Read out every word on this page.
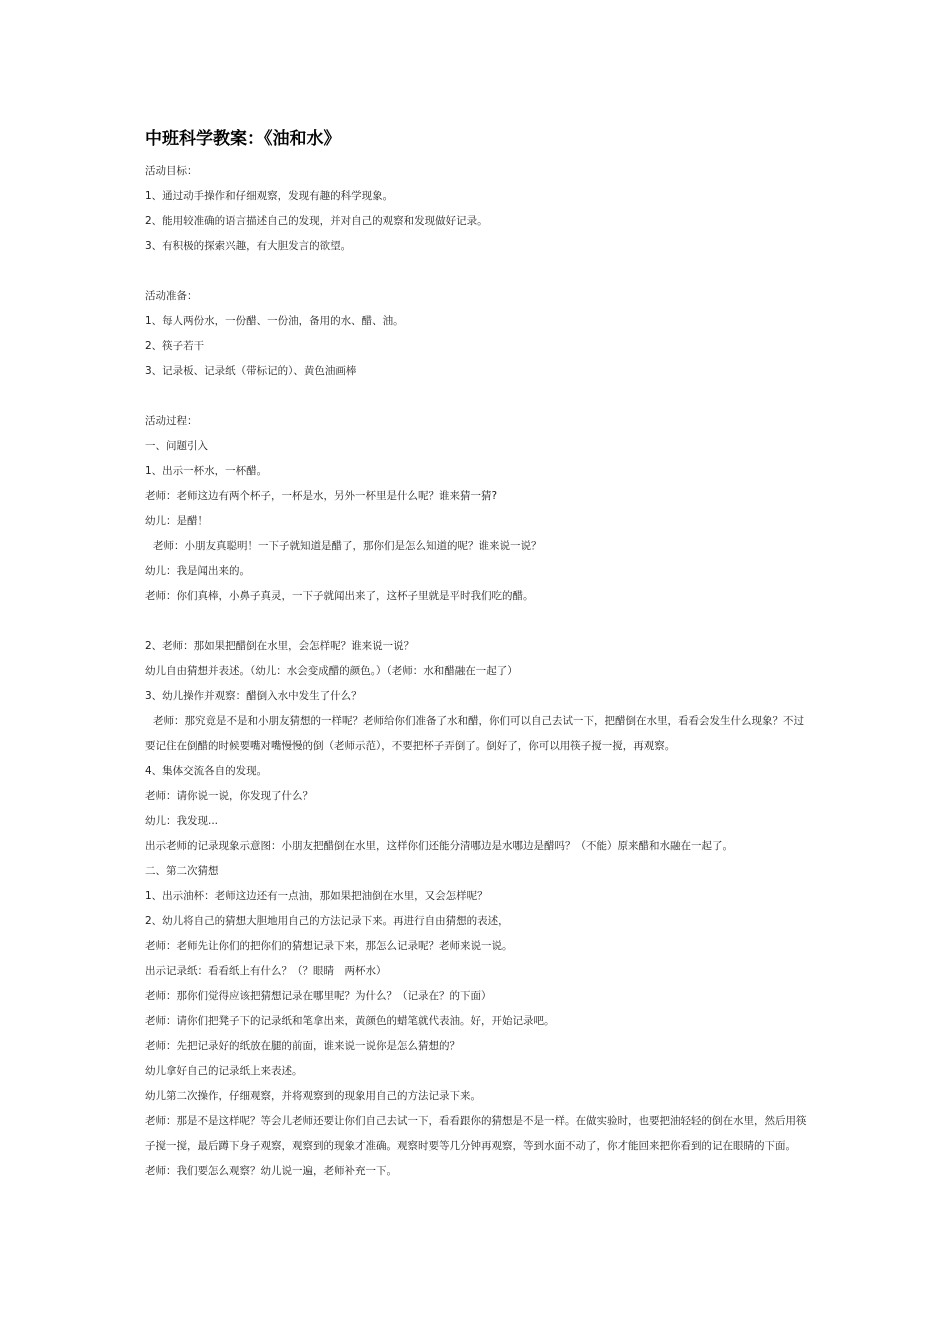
中班科学教案：《油和水》
活动目标：
1、通过动手操作和仔细观察，发现有趣的科学现象。
2、能用较准确的语言描述自己的发现，并对自己的观察和发现做好记录。
3、有积极的探索兴趣，有大胆发言的欲望。
活动准备：
1、每人两份水，一份醋、一份油，备用的水、醋、油。
2、筷子若干
3、记录板、记录纸（带标记的）、黄色油画棒
活动过程：
一、问题引入
1、出示一杯水，一杯醋。
老师：老师这边有两个杯子，一杯是水，另外一杯里是什么呢？谁来猜一猜?
幼儿：是醋！
老师：小朋友真聪明！一下子就知道是醋了，那你们是怎么知道的呢？谁来说一说？
幼儿：我是闻出来的。
老师：你们真棒，小鼻子真灵，一下子就闻出来了，这杯子里就是平时我们吃的醋。
2、老师：那如果把醋倒在水里，会怎样呢？谁来说一说？
幼儿自由猜想并表述。（幼儿：水会变成醋的颜色。）（老师：水和醋融在一起了）
3、幼儿操作并观察：醋倒入水中发生了什么？
老师：那究竟是不是和小朋友猜想的一样呢？老师给你们准备了水和醋，你们可以自己去试一下，把醋倒在水里，看看会发生什么现象？不过要记住在倒醋的时候要嘴对嘴慢慢的倒（老师示范），不要把杯子弄倒了。倒好了，你可以用筷子搅一搅，再观察。
4、集体交流各自的发现。
老师：请你说一说，你发现了什么？
幼儿：我发现...
出示老师的记录现象示意图：小朋友把醋倒在水里，这样你们还能分清哪边是水哪边是醋吗？（不能）原来醋和水融在一起了。
二、第二次猜想
1、出示油杯：老师这边还有一点油，那如果把油倒在水里，又会怎样呢？
2、幼儿将自己的猜想大胆地用自己的方法记录下来。再进行自由猜想的表述，
老师：老师先让你们的把你们的猜想记录下来，那怎么记录呢？老师来说一说。
出示记录纸：看看纸上有什么？（？眼睛　两杯水）
老师：那你们觉得应该把猜想记录在哪里呢？为什么？（记录在？的下面）
老师：请你们把凳子下的记录纸和笔拿出来，黄颜色的蜡笔就代表油。好，开始记录吧。
老师：先把记录好的纸放在腿的前面，谁来说一说你是怎么猜想的？
幼儿拿好自己的记录纸上来表述。
幼儿第二次操作，仔细观察，并将观察到的现象用自己的方法记录下来。
老师：那是不是这样呢？等会儿老师还要让你们自己去试一下，看看跟你的猜想是不是一样。在做实验时，也要把油轻轻的倒在水里，然后用筷子搅一搅，最后蹲下身子观察，观察到的现象才准确。观察时要等几分钟再观察，等到水面不动了，你才能回来把你看到的记在眼睛的下面。
老师：我们要怎么观察？幼儿说一遍，老师补充一下。
